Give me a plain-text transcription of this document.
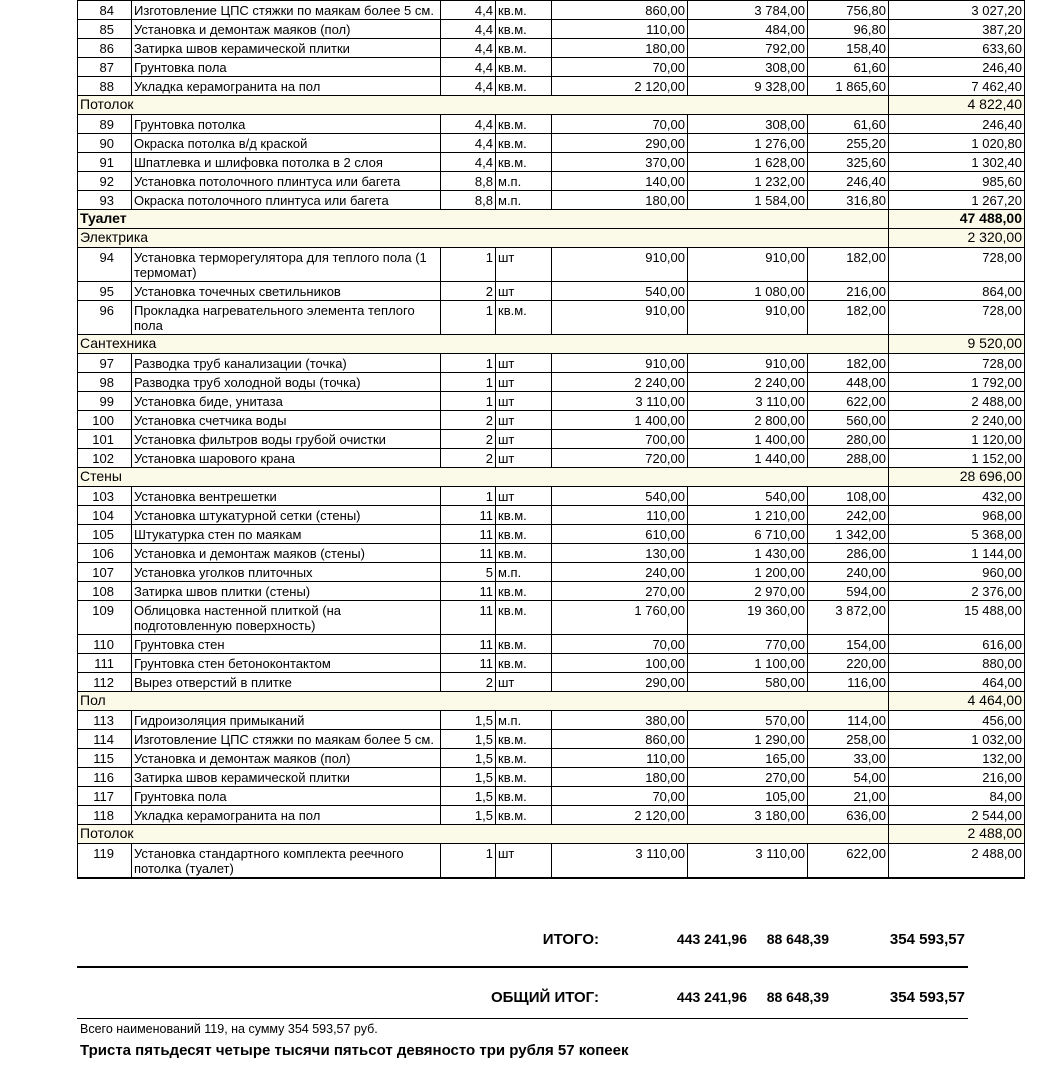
84	Изготовление ЦПС стяжки по маякам более 5 см.	4,4	кв.м.	860,00	3 784,00	756,80	3 027,20
85	Установка и демонтаж маяков (пол)	4,4	кв.м.	110,00	484,00	96,80	387,20
86	Затирка швов керамической плитки	4,4	кв.м.	180,00	792,00	158,40	633,60
87	Грунтовка пола	4,4	кв.м.	70,00	308,00	61,60	246,40
88	Укладка керамогранита на пол	4,4	кв.м.	2 120,00	9 328,00	1 865,60	7 462,40
Потолок							4 822,40
89	Грунтовка потолка	4,4	кв.м.	70,00	308,00	61,60	246,40
90	Окраска потолка в/д краской	4,4	кв.м.	290,00	1 276,00	255,20	1 020,80
91	Шпатлевка и шлифовка потолка в 2 слоя	4,4	кв.м.	370,00	1 628,00	325,60	1 302,40
92	Установка потолочного плинтуса или багета	8,8	м.п.	140,00	1 232,00	246,40	985,60
93	Окраска потолочного плинтуса или багета	8,8	м.п.	180,00	1 584,00	316,80	1 267,20
Туалет							47 488,00
Электрика							2 320,00
94	Установка терморегулятора для теплого пола (1 термомат)	1	шт	910,00	910,00	182,00	728,00
95	Установка точечных светильников	2	шт	540,00	1 080,00	216,00	864,00
96	Прокладка нагревательного элемента теплого пола	1	кв.м.	910,00	910,00	182,00	728,00
Сантехника							9 520,00
97	Разводка труб канализации (точка)	1	шт	910,00	910,00	182,00	728,00
98	Разводка труб холодной воды (точка)	1	шт	2 240,00	2 240,00	448,00	1 792,00
99	Установка биде, унитаза	1	шт	3 110,00	3 110,00	622,00	2 488,00
100	Установка счетчика воды	2	шт	1 400,00	2 800,00	560,00	2 240,00
101	Установка фильтров воды грубой очистки	2	шт	700,00	1 400,00	280,00	1 120,00
102	Установка шарового крана	2	шт	720,00	1 440,00	288,00	1 152,00
Стены							28 696,00
103	Установка вентрешетки	1	шт	540,00	540,00	108,00	432,00
104	Установка штукатурной сетки (стены)	11	кв.м.	110,00	1 210,00	242,00	968,00
105	Штукатурка стен по маякам	11	кв.м.	610,00	6 710,00	1 342,00	5 368,00
106	Установка и демонтаж маяков (стены)	11	кв.м.	130,00	1 430,00	286,00	1 144,00
107	Установка уголков плиточных	5	м.п.	240,00	1 200,00	240,00	960,00
108	Затирка швов плитки (стены)	11	кв.м.	270,00	2 970,00	594,00	2 376,00
109	Облицовка настенной плиткой (на подготовленную поверхность)	11	кв.м.	1 760,00	19 360,00	3 872,00	15 488,00
110	Грунтовка стен	11	кв.м.	70,00	770,00	154,00	616,00
111	Грунтовка стен бетоноконтактом	11	кв.м.	100,00	1 100,00	220,00	880,00
112	Вырез отверстий в плитке	2	шт	290,00	580,00	116,00	464,00
Пол							4 464,00
113	Гидроизоляция примыканий	1,5	м.п.	380,00	570,00	114,00	456,00
114	Изготовление ЦПС стяжки по маякам более 5 см.	1,5	кв.м.	860,00	1 290,00	258,00	1 032,00
115	Установка и демонтаж маяков (пол)	1,5	кв.м.	110,00	165,00	33,00	132,00
116	Затирка швов керамической плитки	1,5	кв.м.	180,00	270,00	54,00	216,00
117	Грунтовка пола	1,5	кв.м.	70,00	105,00	21,00	84,00
118	Укладка керамогранита на пол	1,5	кв.м.	2 120,00	3 180,00	636,00	2 544,00
Потолок							2 488,00
119	Установка стандартного комплекта реечного потолка (туалет)	1	шт	3 110,00	3 110,00	622,00	2 488,00
ИТОГО:	443 241,96 88 648,39	354 593,57
ОБЩИЙ ИТОГ:	443 241,96 88 648,39	354 593,57
Всего наименований 119, на сумму 354 593,57 руб.
Триста пятьдесят четыре тысячи пятьсот девяносто три рубля 57 копеек
